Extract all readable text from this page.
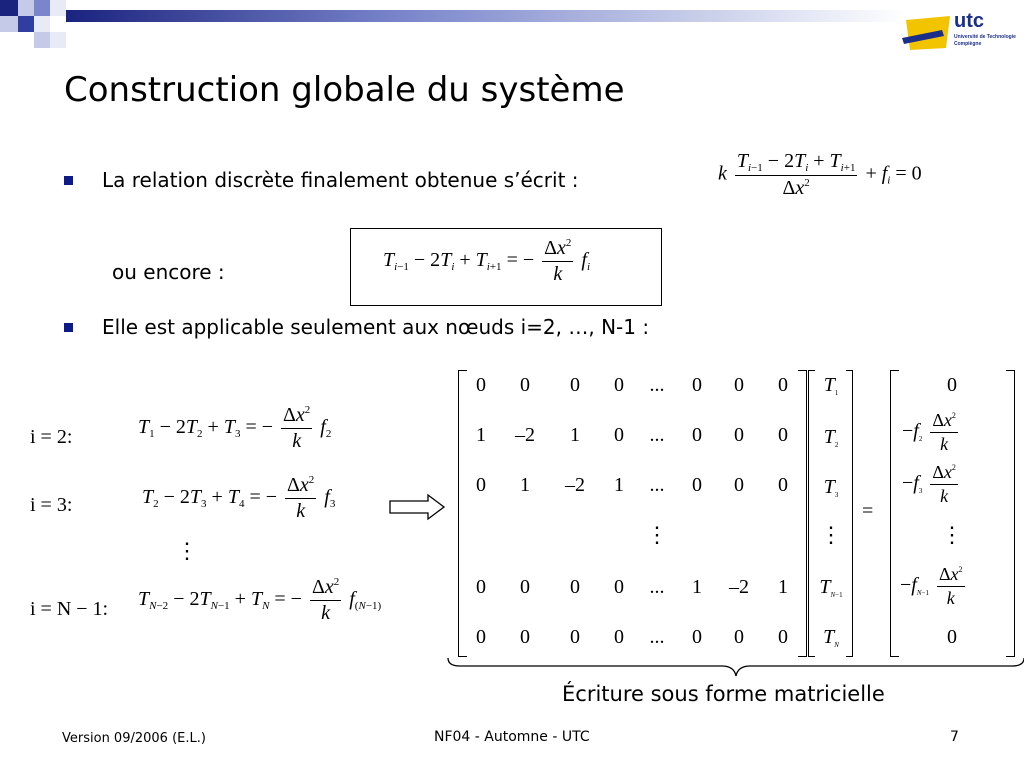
utc
Université de Technologie
Compiègne
Construction globale du système
La relation discrète finalement obtenue s’écrit :	k $\frac{T_{i-1} - 2T_i + T_{i+1}}{\Delta x^2} + f_i = 0$
ou encore :	$T_{i-1} - 2T_i + T_{i+1}$ = − $\frac{\Delta x^2}{k} f_i$
Elle est applicable seulement aux nœuds i=2, …, N-1 :
i = 2:	$T_1 - 2T_2 + T_3$ = − $\frac{\Delta x^2}{k} f_2$
i = 3:	$T_2 - 2T_3 + T_4$ = − $\frac{\Delta x^2}{k} f_3$
⋮
i = N − 1: $T_{N-2} - 2T_{N-1} + T_N$ = − $\frac{\Delta x^2}{k} f_{(N-1)}$
0	0	0	0	...	0	0	0
1	–2	1	0	...	0	0	0
0	1	–2	1	...	0	0	0
⋮
0	0	0	0	...	1	–2	1
0	0	0	0	...	0	0	0
$T_1$
$T_2$
$T_3$
⋮
$T_{N-1}$
$T_N$
=
0
$-f_2 \frac{\Delta x^2}{k}$
$-f_3 \frac{\Delta x^2}{k}$
⋮
$-f_{N-1} \frac{\Delta x^2}{k}$
0
Écriture sous forme matricielle
Version 09/2006 (E.L.)	NF04 - Automne - UTC	7
